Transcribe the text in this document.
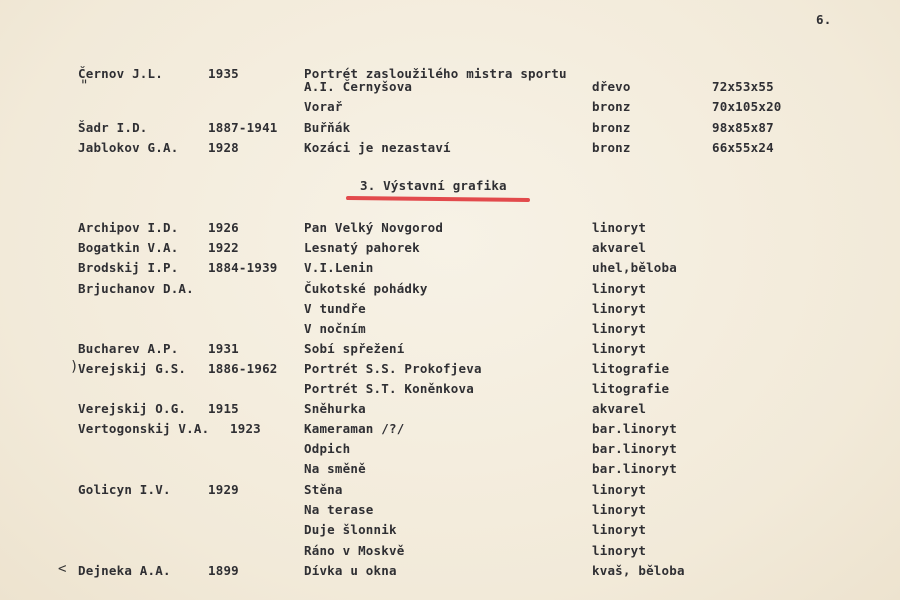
6.
Černov J.L.	1935	Portrét zasloužilého mistra sportu
"	A.I. Černyšova	dřevo	72x53x55
Vorař	bronz	70x105x20
Šadr I.D.	1887-1941 Buřňák	bronz	98x85x87
Jablokov G.A. 1928	Kozáci je nezastaví	bronz	66x55x24
3. Výstavní grafika
Archipov I.D. 1926	Pan Velký Novgorod	linoryt
Bogatkin V.A. 1922	Lesnatý pahorek	akvarel
Brodskij I.P. 1884-1939 V.I.Lenin	uhel,běloba
Brjuchanov D.A.	Čukotské pohádky	linoryt
V tundře	linoryt
V nočním	linoryt
Bucharev A.P. 1931	Sobí spřežení	linoryt
) Verejskij G.S. 1886-1962 Portrét S.S. Prokofjeva	litografie
Portrét S.T. Koněnkova	litografie
Verejskij O.G. 1915	Sněhurka	akvarel
Vertogonskij V.A. 1923	Kameraman /?/	bar.linoryt
Odpich	bar.linoryt
Na směně	bar.linoryt
Golicyn I.V.	1929	Stěna	linoryt
Na terase	linoryt
Duje šlonnik	linoryt
Ráno v Moskvě	linoryt
< Dejneka A.A.	1899	Dívka u okna	kvaš, běloba
